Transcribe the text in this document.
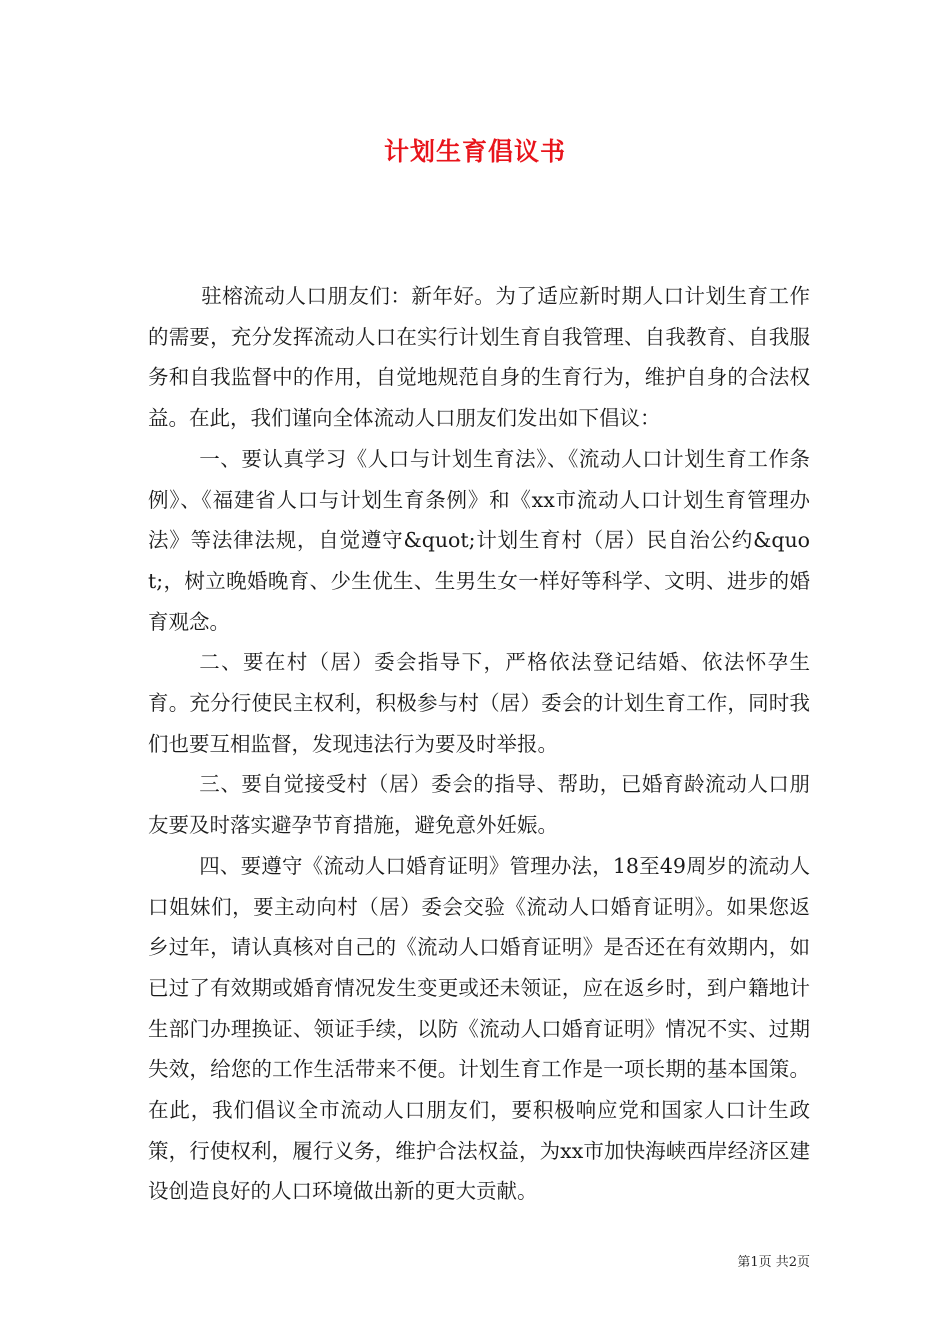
计划生育倡议书

驻榕流动人口朋友们：新年好。为了适应新时期人口计划生育工作的需要，充分发挥流动人口在实行计划生育自我管理、自我教育、自我服务和自我监督中的作用，自觉地规范自身的生育行为，维护自身的合法权益。在此，我们谨向全体流动人口朋友们发出如下倡议：

一、要认真学习《人口与计划生育法》、《流动人口计划生育工作条例》、《福建省人口与计划生育条例》和《xx市流动人口计划生育管理办法》等法律法规，自觉遵守&quot;计划生育村（居）民自治公约&quot;，树立晚婚晚育、少生优生、生男生女一样好等科学、文明、进步的婚育观念。

二、要在村（居）委会指导下，严格依法登记结婚、依法怀孕生育。充分行使民主权利，积极参与村（居）委会的计划生育工作，同时我们也要互相监督，发现违法行为要及时举报。

三、要自觉接受村（居）委会的指导、帮助，已婚育龄流动人口朋友要及时落实避孕节育措施，避免意外妊娠。

四、要遵守《流动人口婚育证明》管理办法，18至49周岁的流动人口姐妹们，要主动向村（居）委会交验《流动人口婚育证明》。如果您返乡过年，请认真核对自己的《流动人口婚育证明》是否还在有效期内，如已过了有效期或婚育情况发生变更或还未领证，应在返乡时，到户籍地计生部门办理换证、领证手续，以防《流动人口婚育证明》情况不实、过期失效，给您的工作生活带来不便。计划生育工作是一项长期的基本国策。在此，我们倡议全市流动人口朋友们，要积极响应党和国家人口计生政策，行使权利，履行义务，维护合法权益，为xx市加快海峡西岸经济区建设创造良好的人口环境做出新的更大贡献。

第1页 共2页
